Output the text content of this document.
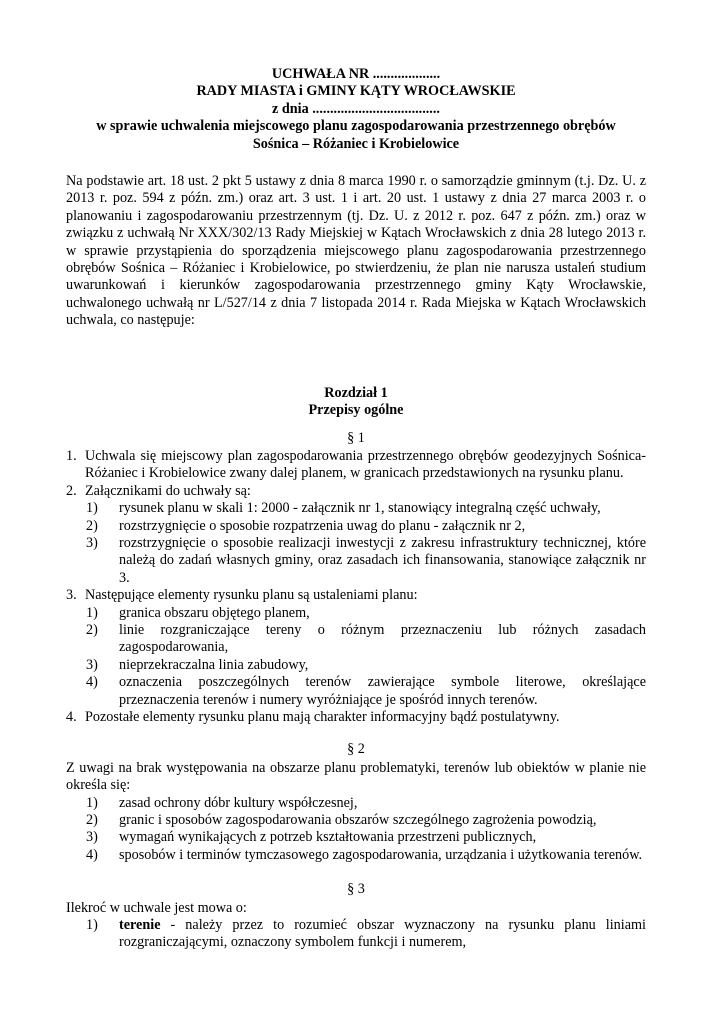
UCHWAŁA NR ...................
RADY MIASTA i GMINY KĄTY WROCŁAWSKIE
z dnia ....................................
w sprawie uchwalenia miejscowego planu zagospodarowania przestrzennego obrębów
Sośnica – Różaniec i Krobielowice

Na podstawie art. 18 ust. 2 pkt 5 ustawy z dnia 8 marca 1990 r. o samorządzie gminnym (t.j. Dz. U. z 2013 r. poz. 594 z późn. zm.) oraz art. 3 ust. 1 i art. 20 ust. 1 ustawy z dnia 27 marca 2003 r. o planowaniu i zagospodarowaniu przestrzennym (tj. Dz. U. z 2012 r. poz. 647 z późn. zm.) oraz w związku z uchwałą Nr XXX/302/13 Rady Miejskiej w Kątach Wrocławskich z dnia 28 lutego 2013 r. w sprawie przystąpienia do sporządzenia miejscowego planu zagospodarowania przestrzennego obrębów Sośnica – Różaniec i Krobielowice, po stwierdzeniu, że plan nie narusza ustaleń studium uwarunkowań i kierunków zagospodarowania przestrzennego gminy Kąty Wrocławskie, uchwalonego uchwałą nr L/527/14 z dnia 7 listopada 2014 r. Rada Miejska w Kątach Wrocławskich uchwala, co następuje:

Rozdział 1
Przepisy ogólne
§ 1
1. Uchwala się miejscowy plan zagospodarowania przestrzennego obrębów geodezyjnych Sośnica-Różaniec i Krobielowice zwany dalej planem, w granicach przedstawionych na rysunku planu.
2. Załącznikami do uchwały są:
1) rysunek planu w skali 1: 2000 - załącznik nr 1, stanowiący integralną część uchwały,
2) rozstrzygnięcie o sposobie rozpatrzenia uwag do planu - załącznik nr 2,
3) rozstrzygnięcie o sposobie realizacji inwestycji z zakresu infrastruktury technicznej, które należą do zadań własnych gminy, oraz zasadach ich finansowania, stanowiące załącznik nr 3.
3. Następujące elementy rysunku planu są ustaleniami planu:
1) granica obszaru objętego planem,
2) linie rozgraniczające tereny o różnym przeznaczeniu lub różnych zasadach zagospodarowania,
3) nieprzekraczalna linia zabudowy,
4) oznaczenia poszczególnych terenów zawierające symbole literowe, określające przeznaczenia terenów i numery wyróżniające je spośród innych terenów.
4. Pozostałe elementy rysunku planu mają charakter informacyjny bądź postulatywny.
§ 2
Z uwagi na brak występowania na obszarze planu problematyki, terenów lub obiektów w planie nie określa się:
1) zasad ochrony dóbr kultury współczesnej,
2) granic i sposobów zagospodarowania obszarów szczególnego zagrożenia powodzią,
3) wymagań wynikających z potrzeb kształtowania przestrzeni publicznych,
4) sposobów i terminów tymczasowego zagospodarowania, urządzania i użytkowania terenów.
§ 3
Ilekroć w uchwale jest mowa o:
1) terenie - należy przez to rozumieć obszar wyznaczony na rysunku planu liniami rozgraniczającymi, oznaczony symbolem funkcji i numerem,
